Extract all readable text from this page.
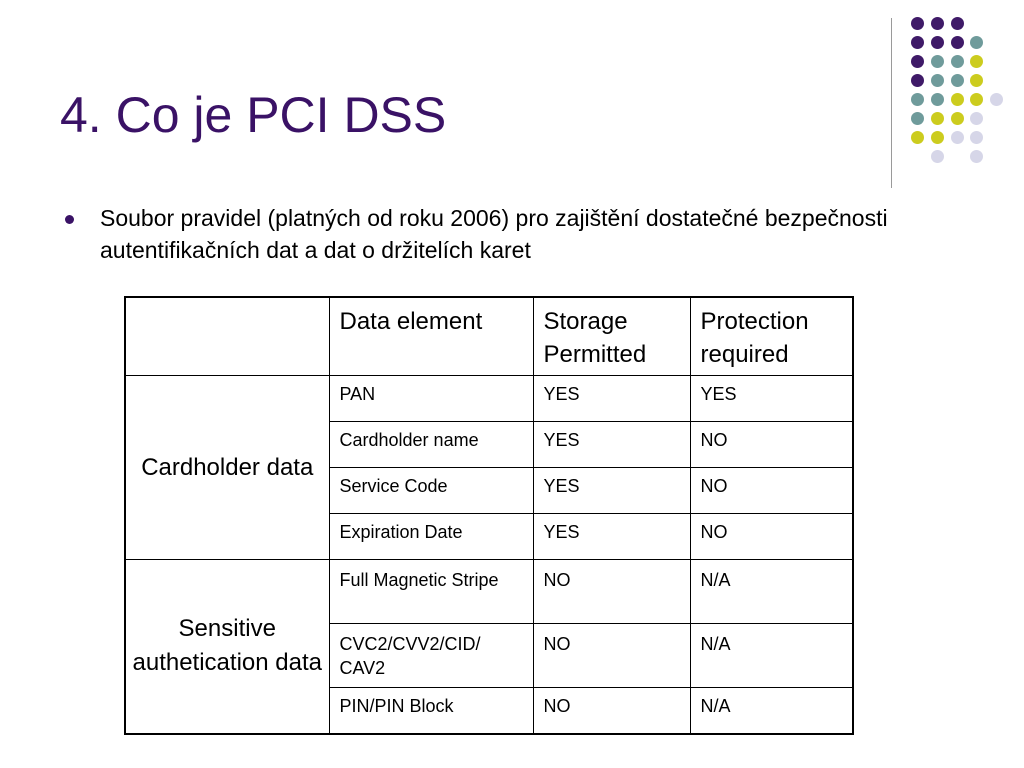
4. Co je PCI DSS
Soubor pravidel (platných od roku 2006) pro zajištění dostatečné bezpečnosti autentifikačních dat a dat o držitelích karet
	Data element	Storage Permitted	Protection required
Cardholder data	PAN	YES	YES
	Cardholder name	YES	NO
	Service Code	YES	NO
	Expiration Date	YES	NO
Sensitive authetication data	Full Magnetic Stripe	NO	N/A
	CVC2/CVV2/CID/ CAV2	NO	N/A
	PIN/PIN Block	NO	N/A
